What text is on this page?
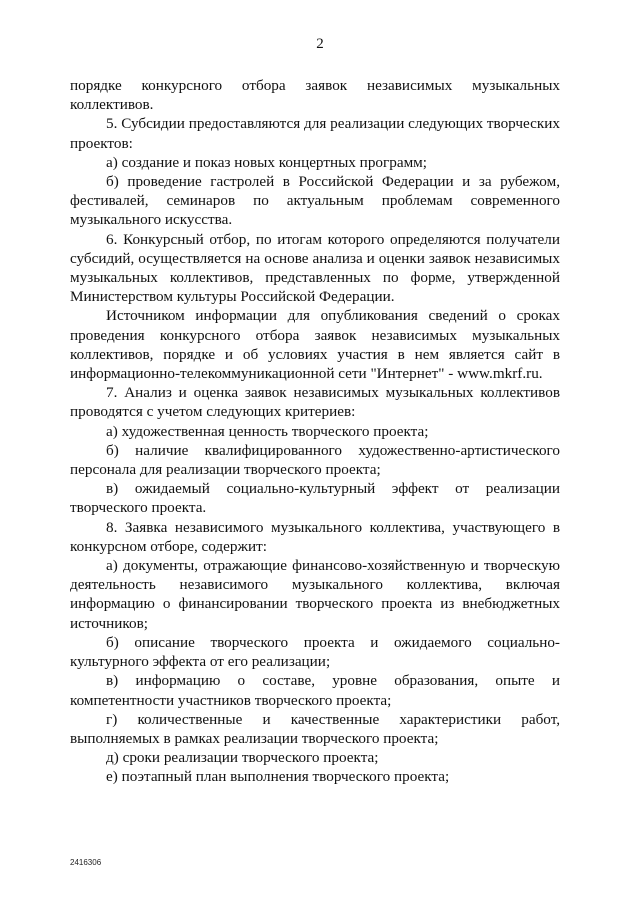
2

порядке конкурсного отбора заявок независимых музыкальных коллективов.

5. Субсидии предоставляются для реализации следующих творческих проектов:

а) создание и показ новых концертных программ;

б) проведение гастролей в Российской Федерации и за рубежом, фестивалей, семинаров по актуальным проблемам современного музыкального искусства.

6. Конкурсный отбор, по итогам которого определяются получатели субсидий, осуществляется на основе анализа и оценки заявок независимых музыкальных коллективов, представленных по форме, утвержденной Министерством культуры Российской Федерации.

Источником информации для опубликования сведений о сроках проведения конкурсного отбора заявок независимых музыкальных коллективов, порядке и об условиях участия в нем является сайт в информационно-телекоммуникационной сети "Интернет" - www.mkrf.ru.

7. Анализ и оценка заявок независимых музыкальных коллективов проводятся с учетом следующих критериев:

а) художественная ценность творческого проекта;

б) наличие квалифицированного художественно-артистического персонала для реализации творческого проекта;

в) ожидаемый социально-культурный эффект от реализации творческого проекта.

8. Заявка независимого музыкального коллектива, участвующего в конкурсном отборе, содержит:

а) документы, отражающие финансово-хозяйственную и творческую деятельность независимого музыкального коллектива, включая информацию о финансировании творческого проекта из внебюджетных источников;

б) описание творческого проекта и ожидаемого социально-культурного эффекта от его реализации;

в) информацию о составе, уровне образования, опыте и компетентности участников творческого проекта;

г) количественные и качественные характеристики работ, выполняемых в рамках реализации творческого проекта;

д) сроки реализации творческого проекта;

е) поэтапный план выполнения творческого проекта;

2416306
